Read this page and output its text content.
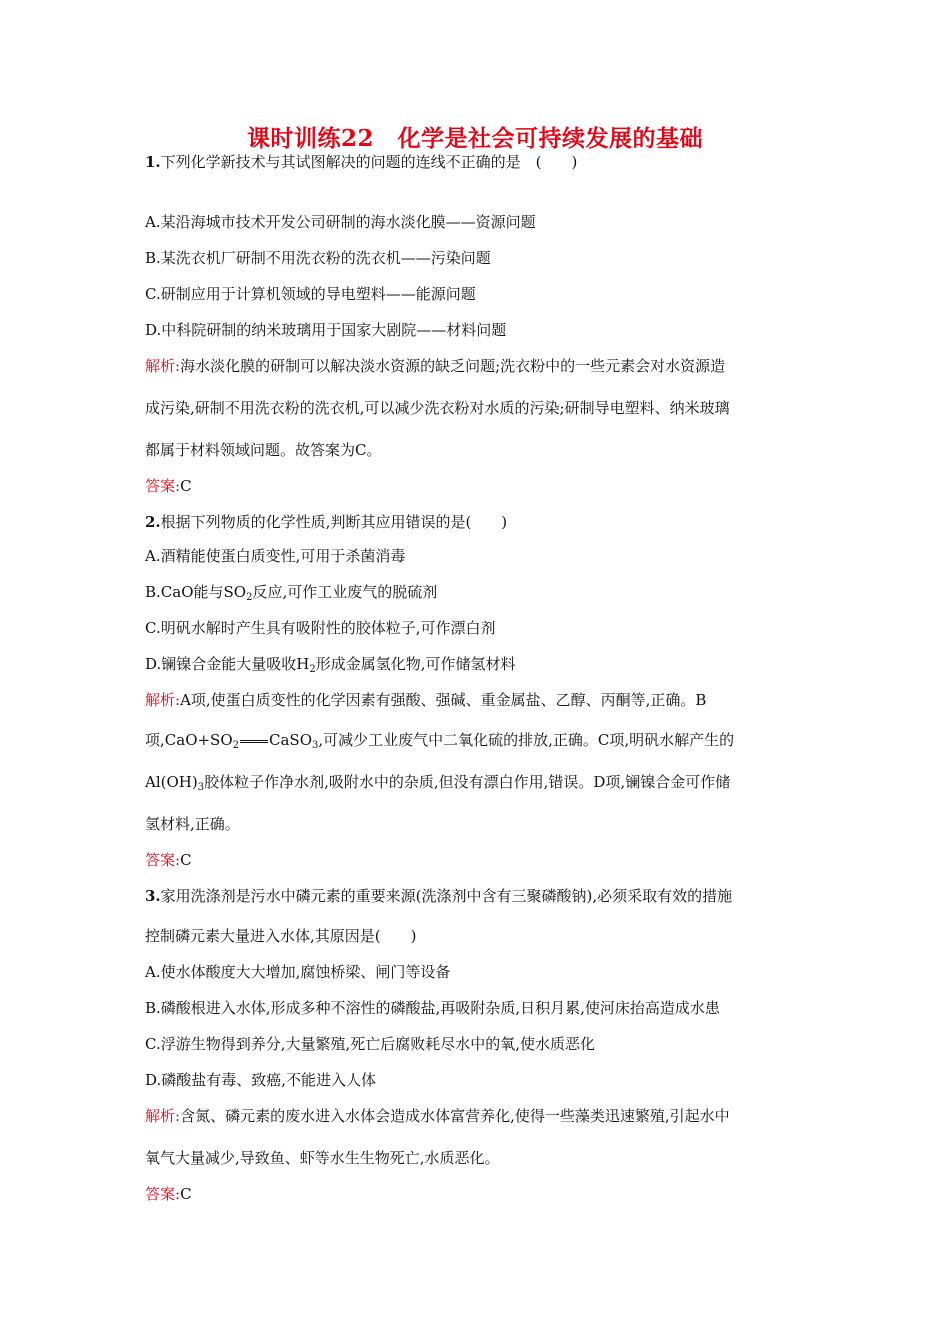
课时训练22　化学是社会可持续发展的基础
1.下列化学新技术与其试图解决的问题的连线不正确的是　(　　)
A.某沿海城市技术开发公司研制的海水淡化膜——资源问题
B.某洗衣机厂研制不用洗衣粉的洗衣机——污染问题
C.研制应用于计算机领域的导电塑料——能源问题
D.中科院研制的纳米玻璃用于国家大剧院——材料问题
解析:海水淡化膜的研制可以解决淡水资源的缺乏问题;洗衣粉中的一些元素会对水资源造
成污染,研制不用洗衣粉的洗衣机,可以减少洗衣粉对水质的污染;研制导电塑料、纳米玻璃
都属于材料领域问题。故答案为C。
答案:C
2.根据下列物质的化学性质,判断其应用错误的是(　　)
A.酒精能使蛋白质变性,可用于杀菌消毒
B.CaO能与$SO_2$反应,可作工业废气的脱硫剂
C.明矾水解时产生具有吸附性的胶体粒子,可作漂白剂
D.镧镍合金能大量吸收$H_2$形成金属氢化物,可作储氢材料
解析:A项,使蛋白质变性的化学因素有强酸、强碱、重金属盐、乙醇、丙酮等,正确。B
项$,CaO+SO_2$ CaSO$_3$,可减少工业废气中二氧化硫的排放,正确。C项,明矾水解产生的
$Al(OH)_3$胶体粒子作净水剂,吸附水中的杂质,但没有漂白作用,错误。D项,镧镍合金可作储
氢材料,正确。
答案:C
3.家用洗涤剂是污水中磷元素的重要来源(洗涤剂中含有三聚磷酸钠),必须采取有效的措施
控制磷元素大量进入水体,其原因是(　　)
A.使水体酸度大大增加,腐蚀桥梁、闸门等设备
B.磷酸根进入水体,形成多种不溶性的磷酸盐,再吸附杂质,日积月累,使河床抬高造成水患
C.浮游生物得到养分,大量繁殖,死亡后腐败耗尽水中的氧,使水质恶化
D.磷酸盐有毒、致癌,不能进入人体
解析:含氮、磷元素的废水进入水体会造成水体富营养化,使得一些藻类迅速繁殖,引起水中
氧气大量减少,导致鱼、虾等水生生物死亡,水质恶化。
答案:C
